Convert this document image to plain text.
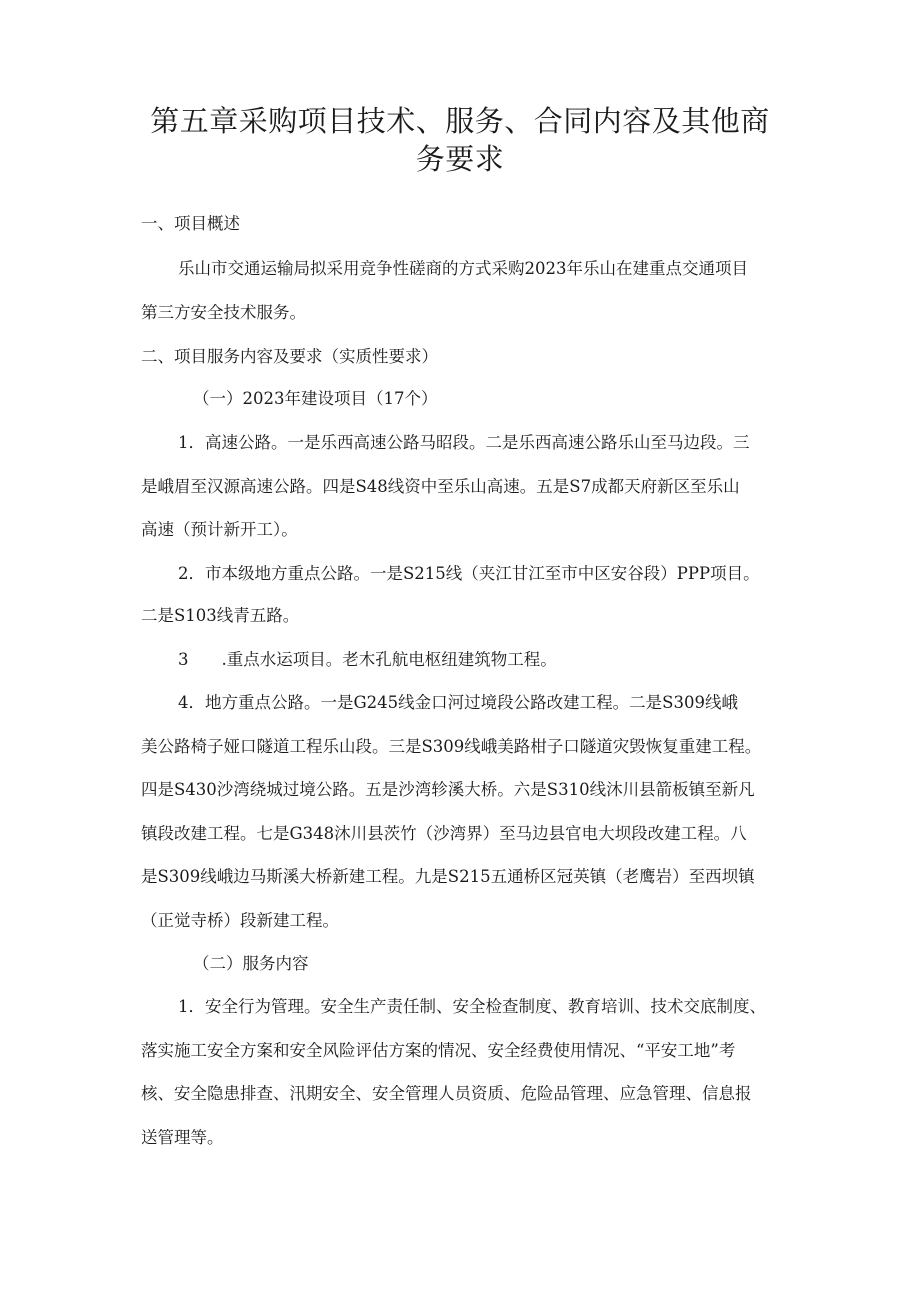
第五章采购项目技术、服务、合同内容及其他商
务要求
一、项目概述
乐山市交通运输局拟采用竞争性磋商的方式采购2023年乐山在建重点交通项目
第三方安全技术服务。
二、项目服务内容及要求（实质性要求）
（一）2023年建设项目（17个）
1．高速公路。一是乐西高速公路马昭段。二是乐西高速公路乐山至马边段。三
是峨眉至汉源高速公路。四是S48线资中至乐山高速。五是S7成都天府新区至乐山
高速（预计新开工）。
2．市本级地方重点公路。一是S215线（夹江甘江至市中区安谷段）PPP项目。
二是S103线青五路。
3　　.重点水运项目。老木孔航电枢纽建筑物工程。
4．地方重点公路。一是G245线金口河过境段公路改建工程。二是S309线峨
美公路椅子娅口隧道工程乐山段。三是S309线峨美路柑子口隧道灾毁恢复重建工程。
四是S430沙湾绕城过境公路。五是沙湾轸溪大桥。六是S310线沐川县箭板镇至新凡
镇段改建工程。七是G348沐川县茨竹（沙湾界）至马边县官电大坝段改建工程。八
是S309线峨边马斯溪大桥新建工程。九是S215五通桥区冠英镇（老鹰岩）至西坝镇
（正觉寺桥）段新建工程。
（二）服务内容
1．安全行为管理。安全生产责任制、安全检查制度、教育培训、技术交底制度、
落实施工安全方案和安全风险评估方案的情况、安全经费使用情况、“平安工地”考
核、安全隐患排查、汛期安全、安全管理人员资质、危险品管理、应急管理、信息报
送管理等。
